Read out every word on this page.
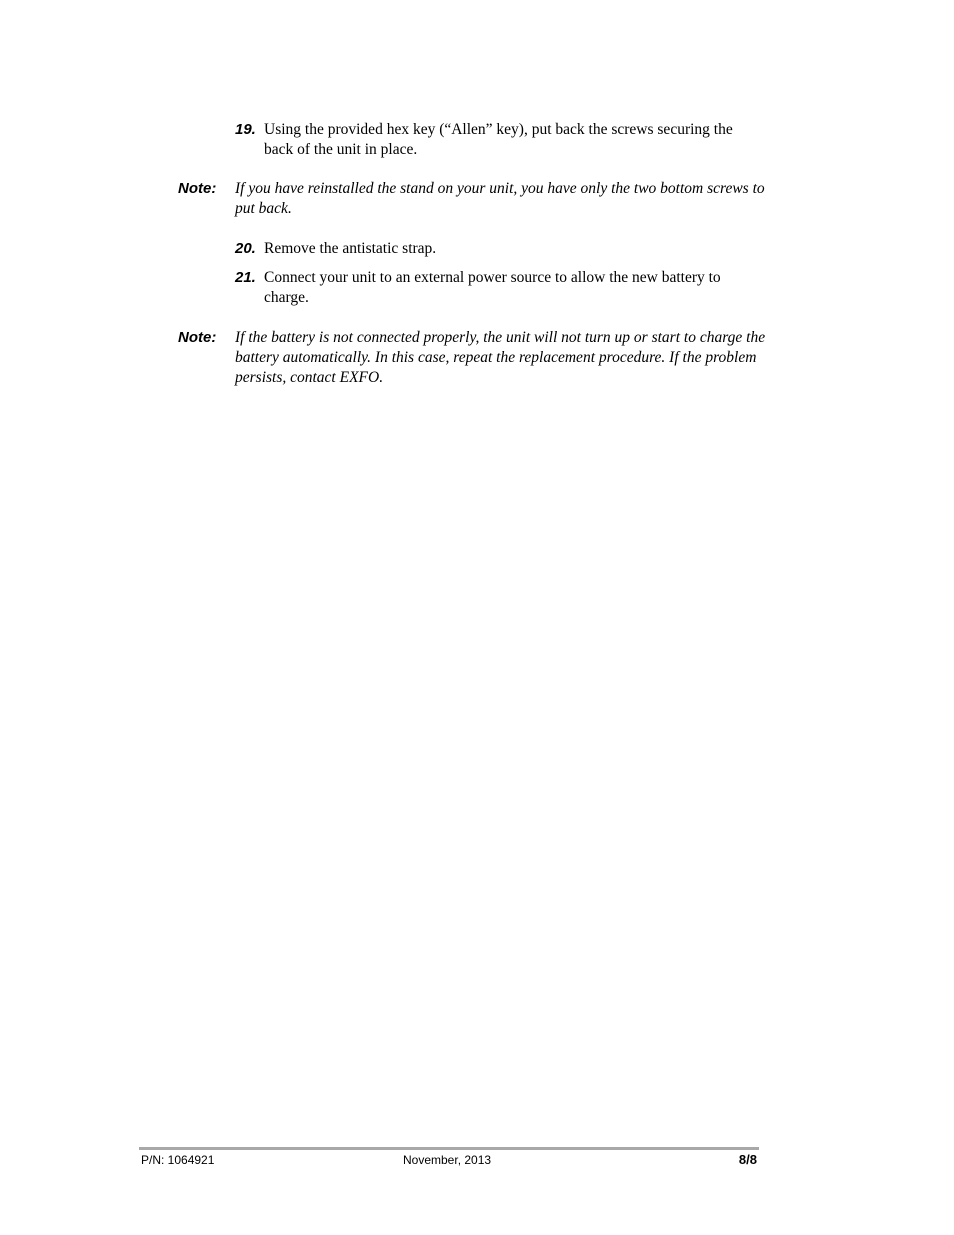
19. Using the provided hex key (“Allen” key), put back the screws securing the back of the unit in place.
Note: If you have reinstalled the stand on your unit, you have only the two bottom screws to put back.
20. Remove the antistatic strap.
21. Connect your unit to an external power source to allow the new battery to charge.
Note: If the battery is not connected properly, the unit will not turn up or start to charge the battery automatically. In this case, repeat the replacement procedure. If the problem persists, contact EXFO.
P/N: 1064921	November, 2013	8/8
